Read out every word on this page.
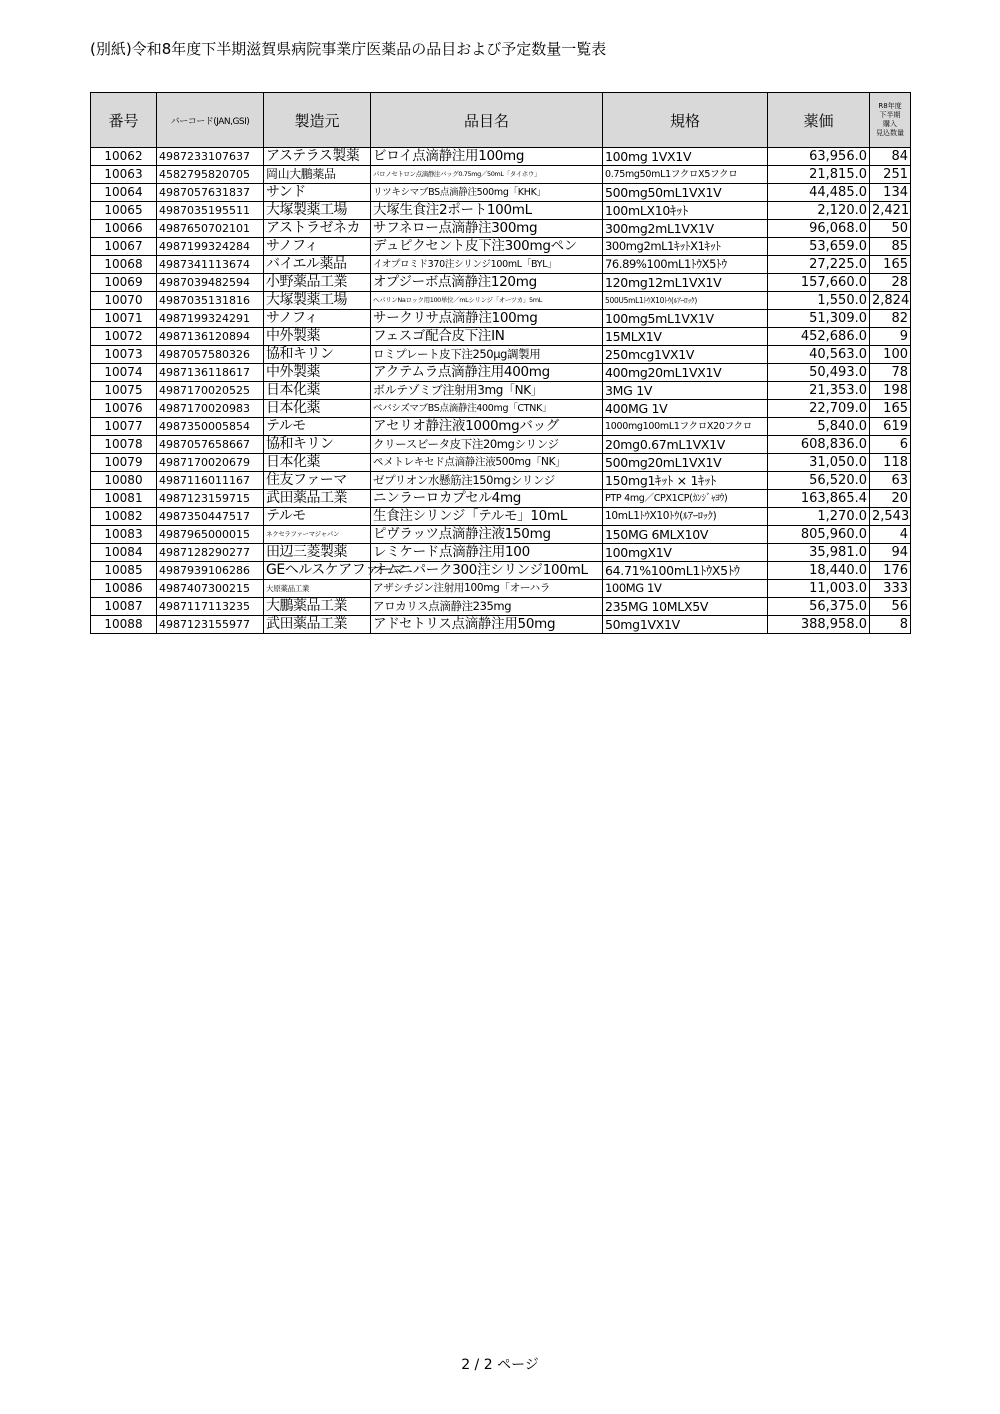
(別紙)令和8年度下半期滋賀県病院事業庁医薬品の品目および予定数量一覧表
番号	バーコード(JAN,GSI)	製造元	品目名	規格	薬価	R8年度
下半期
購入
見込数量

10062	4987233107637	アステラス製薬	ビロイ点滴静注用100mg	100mg 1VX1V	63,956.0	84
10063	4582795820705	岡山大鵬薬品	パロノセトロン点滴静注バッグ0.75mg／50mL「タイホウ」	0.75mg50mL1フクロX5フクロ	21,815.0	251
10064	4987057631837	サンド	リツキシマブBS点滴静注500mg「KHK」	500mg50mL1VX1V	44,485.0	134
10065	4987035195511	大塚製薬工場	大塚生食注2ポート100mL	100mLX10ｷｯﾄ	2,120.0	2,421
10066	4987650702101	アストラゼネカ	サフネロー点滴静注300mg	300mg2mL1VX1V	96,068.0	50
10067	4987199324284	サノフィ	デュピクセント皮下注300mgペン	300mg2mL1ｷｯﾄX1ｷｯﾄ	53,659.0	85
10068	4987341113674	バイエル薬品	イオプロミド370注シリンジ100mL「BYL」	76.89%100mL1ﾄｳX5ﾄｳ	27,225.0	165
10069	4987039482594	小野薬品工業	オプジーボ点滴静注120mg	120mg12mL1VX1V	157,660.0	28
10070	4987035131816	大塚製薬工場	ヘパリンNaロック用100単位／mLシリンジ「オーツカ」5mL	500U5mL1ﾄｳX10ﾄｳ(ﾙｱｰﾛｯｸ)	1,550.0	2,824
10071	4987199324291	サノフィ	サークリサ点滴静注100mg	100mg5mL1VX1V	51,309.0	82
10072	4987136120894	中外製薬	フェスゴ配合皮下注IN	15MLX1V	452,686.0	9
10073	4987057580326	協和キリン	ロミプレート皮下注250μg調製用	250mcg1VX1V	40,563.0	100
10074	4987136118617	中外製薬	アクテムラ点滴静注用400mg	400mg20mL1VX1V	50,493.0	78
10075	4987170020525	日本化薬	ボルテゾミブ注射用3mg「NK」	3MG 1V	21,353.0	198
10076	4987170020983	日本化薬	ベバシズマブBS点滴静注400mg「CTNK」	400MG 1V	22,709.0	165
10077	4987350005854	テルモ	アセリオ静注液1000mgバッグ	1000mg100mL1フクロX20フクロ	5,840.0	619
10078	4987057658667	協和キリン	クリースビータ皮下注20mgシリンジ	20mg0.67mL1VX1V	608,836.0	6
10079	4987170020679	日本化薬	ペメトレキセド点滴静注液500mg「NK」	500mg20mL1VX1V	31,050.0	118
10080	4987116011167	住友ファーマ	ゼプリオン水懸筋注150mgシリンジ	150mg1ｷｯﾄ × 1ｷｯﾄ	56,520.0	63
10081	4987123159715	武田薬品工業	ニンラーロカプセル4mg	PTP 4mg／CPX1CP(ｶﾝｼﾞｬﾖｳ)	163,865.4	20
10082	4987350447517	テルモ	生食注シリンジ「テルモ」10mL	10mL1ﾄｳX10ﾄｳ(ﾙｱｰﾛｯｸ)	1,270.0	2,543
10083	4987965000015	ネクセラファーマジャパン	ピヴラッツ点滴静注液150mg	150MG 6MLX10V	805,960.0	4
10084	4987128290277	田辺三菱製薬	レミケード点滴静注用100	100mgX1V	35,981.0	94
10085	4987939106286	GEヘルスケアファーマ	オムニパーク300注シリンジ100mL	64.71%100mL1ﾄｳX5ﾄｳ	18,440.0	176
10086	4987407300215	大原薬品工業	アザシチジン注射用100mg「オーハラ	100MG 1V	11,003.0	333
10087	4987117113235	大鵬薬品工業	アロカリス点滴静注235mg	235MG 10MLX5V	56,375.0	56
10088	4987123155977	武田薬品工業	アドセトリス点滴静注用50mg	50mg1VX1V	388,958.0	8
2 / 2 ページ
